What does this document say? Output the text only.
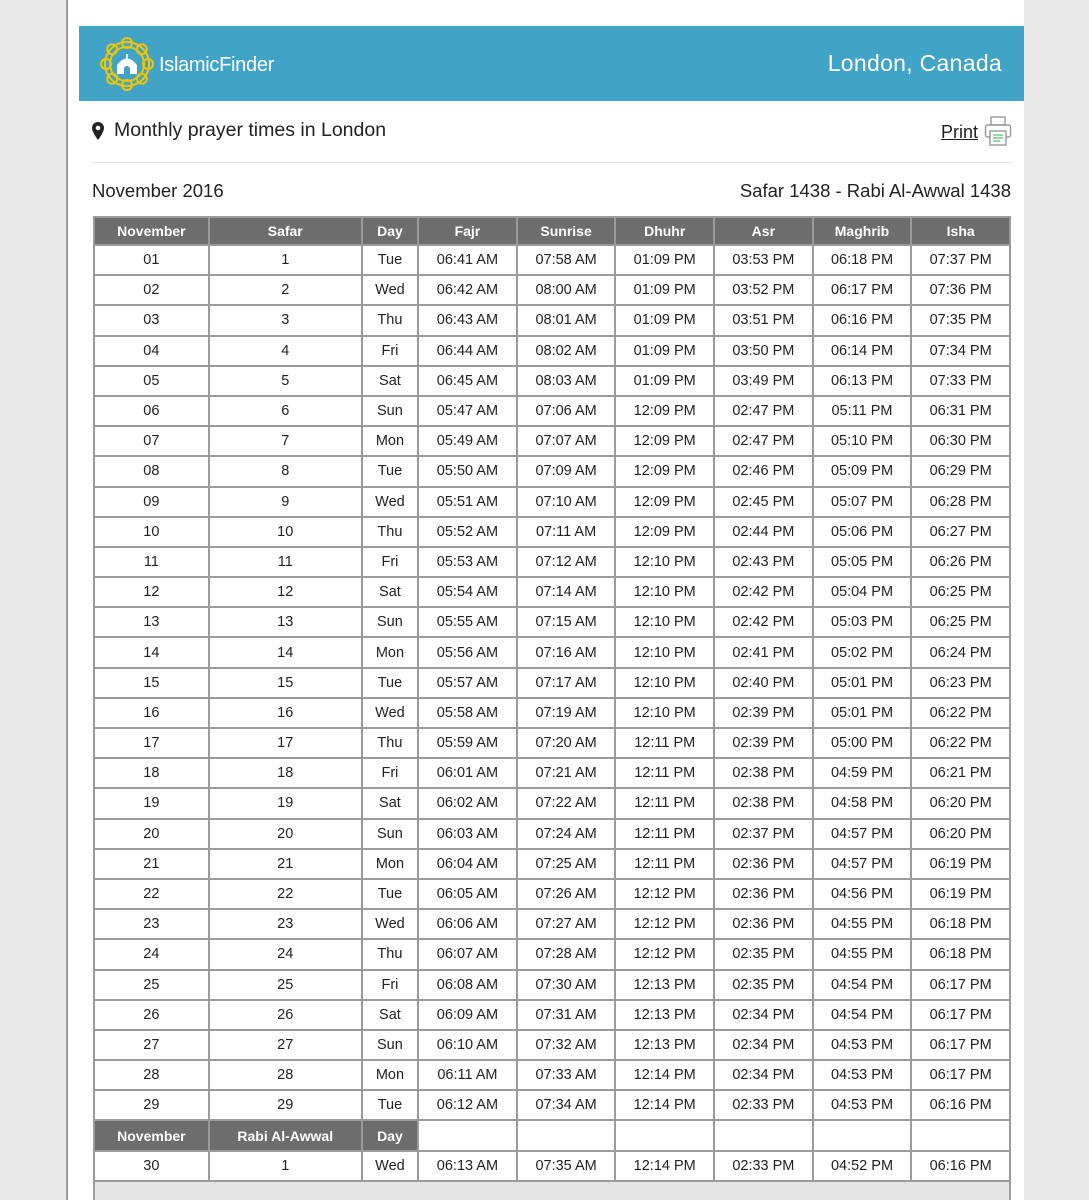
IslamicFinder	London, Canada
Monthly prayer times in London	Print
November 2016	Safar 1438 - Rabi Al-Awwal 1438
November	Safar	Day	Fajr	Sunrise	Dhuhr	Asr	Maghrib	Isha
01	1	Tue	06:41 AM	07:58 AM	01:09 PM	03:53 PM	06:18 PM	07:37 PM
02	2	Wed	06:42 AM	08:00 AM	01:09 PM	03:52 PM	06:17 PM	07:36 PM
03	3	Thu	06:43 AM	08:01 AM	01:09 PM	03:51 PM	06:16 PM	07:35 PM
04	4	Fri	06:44 AM	08:02 AM	01:09 PM	03:50 PM	06:14 PM	07:34 PM
05	5	Sat	06:45 AM	08:03 AM	01:09 PM	03:49 PM	06:13 PM	07:33 PM
06	6	Sun	05:47 AM	07:06 AM	12:09 PM	02:47 PM	05:11 PM	06:31 PM
07	7	Mon	05:49 AM	07:07 AM	12:09 PM	02:47 PM	05:10 PM	06:30 PM
08	8	Tue	05:50 AM	07:09 AM	12:09 PM	02:46 PM	05:09 PM	06:29 PM
09	9	Wed	05:51 AM	07:10 AM	12:09 PM	02:45 PM	05:07 PM	06:28 PM
10	10	Thu	05:52 AM	07:11 AM	12:09 PM	02:44 PM	05:06 PM	06:27 PM
11	11	Fri	05:53 AM	07:12 AM	12:10 PM	02:43 PM	05:05 PM	06:26 PM
12	12	Sat	05:54 AM	07:14 AM	12:10 PM	02:42 PM	05:04 PM	06:25 PM
13	13	Sun	05:55 AM	07:15 AM	12:10 PM	02:42 PM	05:03 PM	06:25 PM
14	14	Mon	05:56 AM	07:16 AM	12:10 PM	02:41 PM	05:02 PM	06:24 PM
15	15	Tue	05:57 AM	07:17 AM	12:10 PM	02:40 PM	05:01 PM	06:23 PM
16	16	Wed	05:58 AM	07:19 AM	12:10 PM	02:39 PM	05:01 PM	06:22 PM
17	17	Thu	05:59 AM	07:20 AM	12:11 PM	02:39 PM	05:00 PM	06:22 PM
18	18	Fri	06:01 AM	07:21 AM	12:11 PM	02:38 PM	04:59 PM	06:21 PM
19	19	Sat	06:02 AM	07:22 AM	12:11 PM	02:38 PM	04:58 PM	06:20 PM
20	20	Sun	06:03 AM	07:24 AM	12:11 PM	02:37 PM	04:57 PM	06:20 PM
21	21	Mon	06:04 AM	07:25 AM	12:11 PM	02:36 PM	04:57 PM	06:19 PM
22	22	Tue	06:05 AM	07:26 AM	12:12 PM	02:36 PM	04:56 PM	06:19 PM
23	23	Wed	06:06 AM	07:27 AM	12:12 PM	02:36 PM	04:55 PM	06:18 PM
24	24	Thu	06:07 AM	07:28 AM	12:12 PM	02:35 PM	04:55 PM	06:18 PM
25	25	Fri	06:08 AM	07:30 AM	12:13 PM	02:35 PM	04:54 PM	06:17 PM
26	26	Sat	06:09 AM	07:31 AM	12:13 PM	02:34 PM	04:54 PM	06:17 PM
27	27	Sun	06:10 AM	07:32 AM	12:13 PM	02:34 PM	04:53 PM	06:17 PM
28	28	Mon	06:11 AM	07:33 AM	12:14 PM	02:34 PM	04:53 PM	06:17 PM
29	29	Tue	06:12 AM	07:34 AM	12:14 PM	02:33 PM	04:53 PM	06:16 PM
November	Rabi Al-Awwal	Day						
30	1	Wed	06:13 AM	07:35 AM	12:14 PM	02:33 PM	04:52 PM	06:16 PM
